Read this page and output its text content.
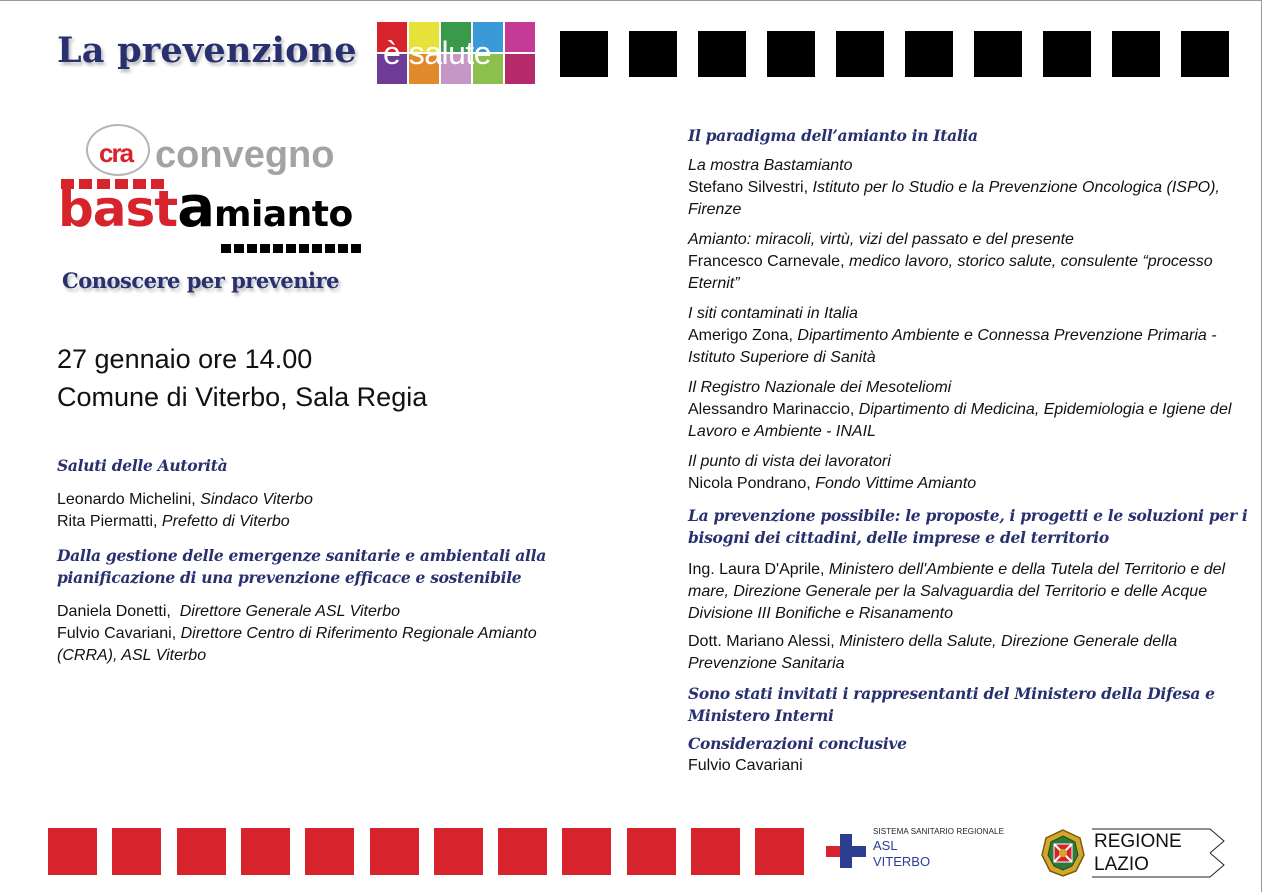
La prevenzione è salute
cra convegno
bastamianto
Conoscere per prevenire
27 gennaio ore 14.00
Comune di Viterbo, Sala Regia
Saluti delle Autorità
Leonardo Michelini, Sindaco Viterbo
Rita Piermatti, Prefetto di Viterbo
Dalla gestione delle emergenze sanitarie e ambientali alla pianificazione di una prevenzione efficace e sostenibile
Daniela Donetti, Direttore Generale ASL Viterbo
Fulvio Cavariani, Direttore Centro di Riferimento Regionale Amianto (CRRA), ASL Viterbo
Il paradigma dell’amianto in Italia
La mostra Bastamianto
Stefano Silvestri, Istituto per lo Studio e la Prevenzione Oncologica (ISPO), Firenze
Amianto: miracoli, virtù, vizi del passato e del presente
Francesco Carnevale, medico lavoro, storico salute, consulente “processo Eternit”
I siti contaminati in Italia
Amerigo Zona, Dipartimento Ambiente e Connessa Prevenzione Primaria - Istituto Superiore di Sanità
Il Registro Nazionale dei Mesoteliomi
Alessandro Marinaccio, Dipartimento di Medicina, Epidemiologia e Igiene del Lavoro e Ambiente - INAIL
Il punto di vista dei lavoratori
Nicola Pondrano, Fondo Vittime Amianto
La prevenzione possibile: le proposte, i progetti e le soluzioni per i bisogni dei cittadini, delle imprese e del territorio
Ing. Laura D'Aprile, Ministero dell'Ambiente e della Tutela del Territorio e del mare, Direzione Generale per la Salvaguardia del Territorio e delle Acque Divisione III Bonifiche e Risanamento
Dott. Mariano Alessi, Ministero della Salute, Direzione Generale della Prevenzione Sanitaria
Sono stati invitati i rappresentanti del Ministero della Difesa e Ministero Interni
Considerazioni conclusive
Fulvio Cavariani
SISTEMA SANITARIO REGIONALE
ASL
VITERBO
REGIONE
LAZIO
